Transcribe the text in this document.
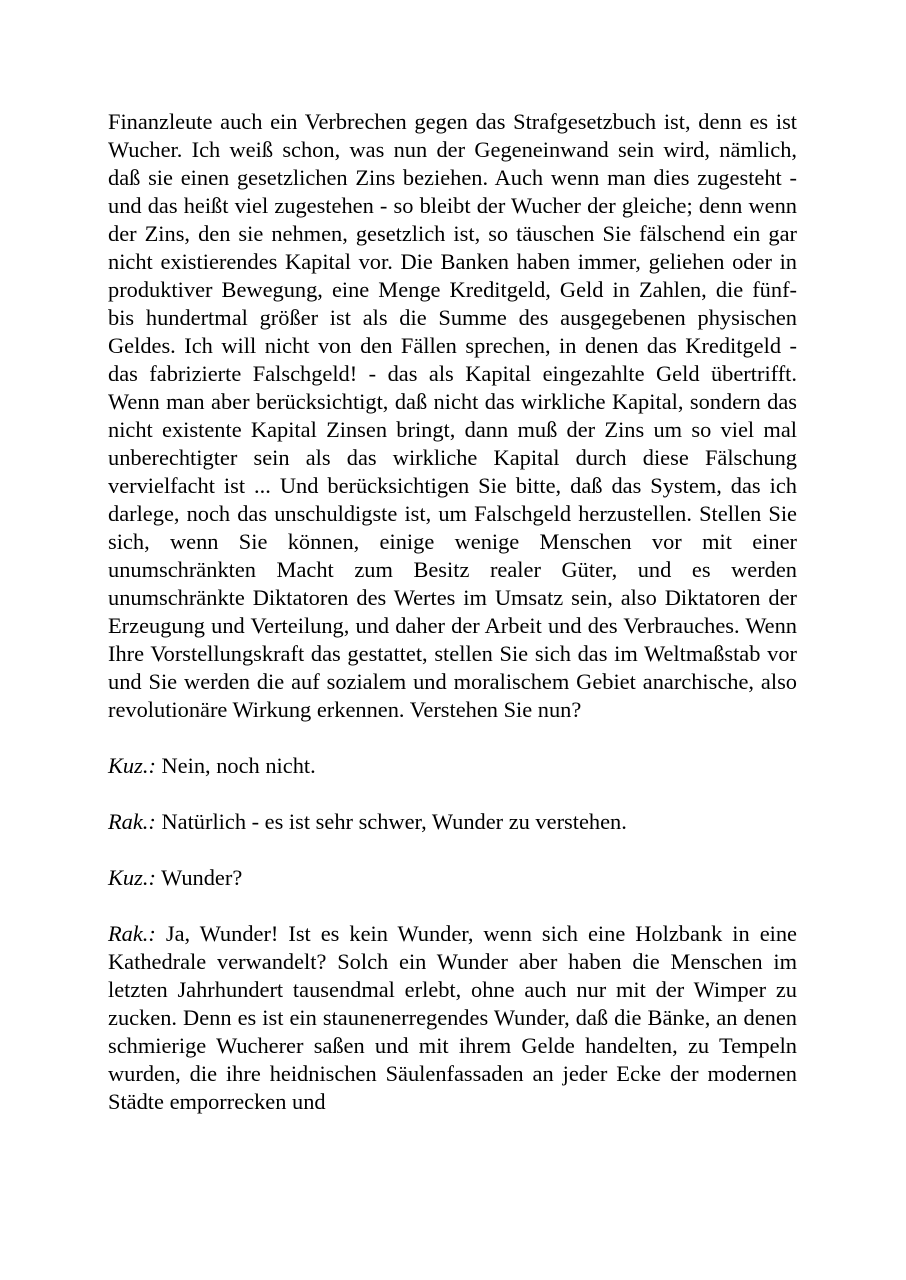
Finanzleute auch ein Verbrechen gegen das Strafgesetzbuch ist, denn es ist Wucher. Ich weiß schon, was nun der Gegeneinwand sein wird, nämlich, daß sie einen gesetzlichen Zins beziehen. Auch wenn man dies zugesteht - und das heißt viel zugestehen - so bleibt der Wucher der gleiche; denn wenn der Zins, den sie nehmen, gesetzlich ist, so täuschen Sie fälschend ein gar nicht existierendes Kapital vor. Die Banken haben immer, geliehen oder in produktiver Bewegung, eine Menge Kreditgeld, Geld in Zahlen, die fünf- bis hundertmal größer ist als die Summe des ausgegebenen physischen Geldes. Ich will nicht von den Fällen sprechen, in denen das Kreditgeld - das fabrizierte Falschgeld! - das als Kapital eingezahlte Geld übertrifft. Wenn man aber berücksichtigt, daß nicht das wirkliche Kapital, sondern das nicht existente Kapital Zinsen bringt, dann muß der Zins um so viel mal unberechtigter sein als das wirkliche Kapital durch diese Fälschung vervielfacht ist ... Und berücksichtigen Sie bitte, daß das System, das ich darlege, noch das unschuldigste ist, um Falschgeld herzustellen. Stellen Sie sich, wenn Sie können, einige wenige Menschen vor mit einer unumschränkten Macht zum Besitz realer Güter, und es werden unumschränkte Diktatoren des Wertes im Umsatz sein, also Diktatoren der Erzeugung und Verteilung, und daher der Arbeit und des Verbrauches. Wenn Ihre Vorstellungskraft das gestattet, stellen Sie sich das im Weltmaßstab vor und Sie werden die auf sozialem und moralischem Gebiet anarchische, also revolutionäre Wirkung erkennen. Verstehen Sie nun?

Kuz.: Nein, noch nicht.

Rak.: Natürlich - es ist sehr schwer, Wunder zu verstehen.

Kuz.: Wunder?

Rak.: Ja, Wunder! Ist es kein Wunder, wenn sich eine Holzbank in eine Kathedrale verwandelt? Solch ein Wunder aber haben die Menschen im letzten Jahrhundert tausendmal erlebt, ohne auch nur mit der Wimper zu zucken. Denn es ist ein staunenerregendes Wunder, daß die Bänke, an denen schmierige Wucherer saßen und mit ihrem Gelde handelten, zu Tempeln wurden, die ihre heidnischen Säulenfassaden an jeder Ecke der modernen Städte emporrecken und
